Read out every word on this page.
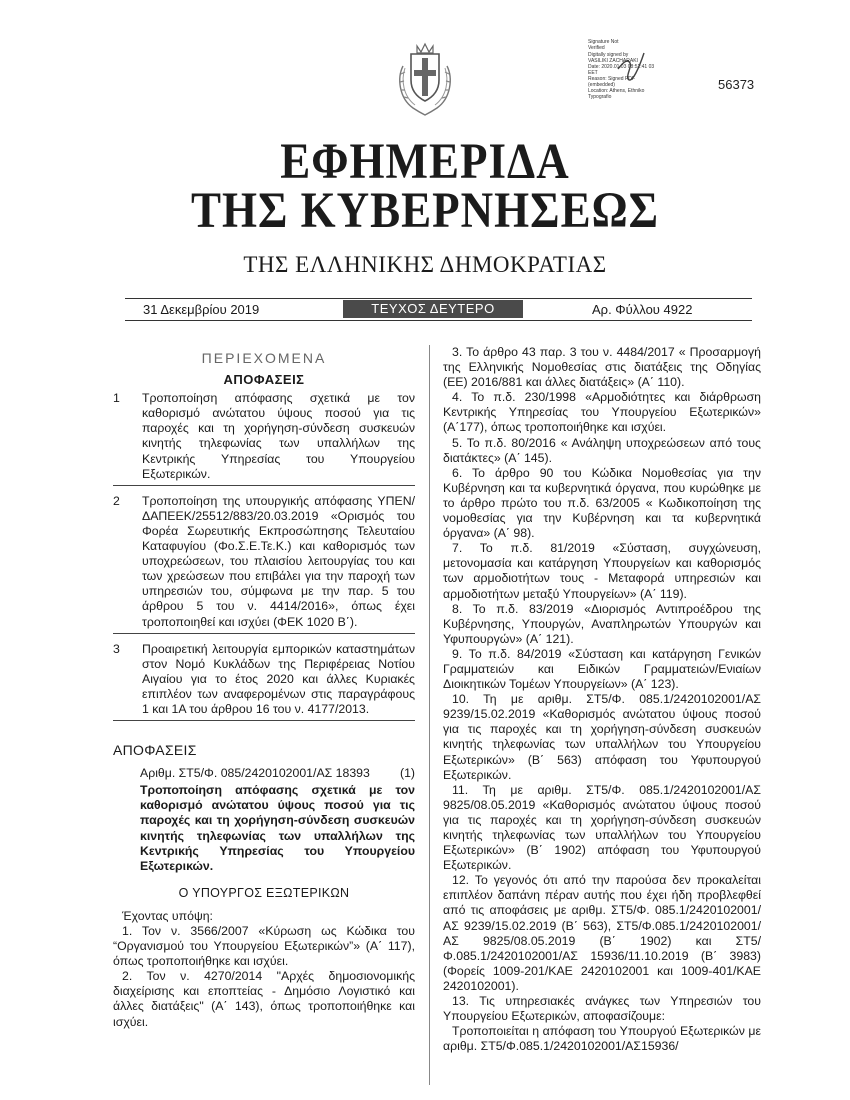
Signature Not
Verified
Digitally signed by
VASILIKI ZACHARAKI
Date: 2020.01.03 08:51:41 03
EET
Reason: Signed PDF
(embedded)
Location: Athens, Ethniko
Typografio
56373
ΕΦΗΜΕΡΙΔΑ
ΤΗΣ ΚΥΒΕΡΝΗΣΕΩΣ
ΤΗΣ ΕΛΛΗΝΙΚΗΣ ΔΗΜΟΚΡΑΤΙΑΣ
31 Δεκεμβρίου 2019	ΤΕΥΧΟΣ ΔΕΥΤΕΡΟ	Αρ. Φύλλου 4922
ΠΕΡΙΕΧΟΜΕΝΑ
ΑΠΟΦΑΣΕΙΣ
1	Τροποποίηση απόφασης σχετικά με τον καθορισμό ανώτατου ύψους ποσού για τις παροχές και τη χορήγηση-σύνδεση συσκευών κινητής τηλεφωνίας των υπαλλήλων της Κεντρικής Υπηρεσίας του Υπουργείου Εξωτερικών.
2	Τροποποίηση της υπουργικής απόφασης ΥΠΕΝ/ΔΑΠΕΕΚ/25512/883/20.03.2019 «Ορισμός του Φορέα Σωρευτικής Εκπροσώπησης Τελευταίου Καταφυγίου (Φο.Σ.Ε.Τε.Κ.) και καθορισμός των υποχρεώσεων, του πλαισίου λειτουργίας του και των χρεώσεων που επιβάλει για την παροχή των υπηρεσιών του, σύμφωνα με την παρ. 5 του άρθρου 5 του ν. 4414/2016», όπως έχει τροποποιηθεί και ισχύει (ΦΕΚ 1020 Β΄).
3	Προαιρετική λειτουργία εμπορικών καταστημάτων στον Νομό Κυκλάδων της Περιφέρειας Νοτίου Αιγαίου για το έτος 2020 και άλλες Κυριακές επιπλέον των αναφερομένων στις παραγράφους 1 και 1Α του άρθρου 16 του ν. 4177/2013.
ΑΠΟΦΑΣΕΙΣ
Αριθμ. ΣΤ5/Φ. 085/2420102001/ΑΣ 18393 (1)

Τροποποίηση απόφασης σχετικά με τον καθορισμό ανώτατου ύψους ποσού για τις παροχές και τη χορήγηση-σύνδεση συσκευών κινητής τηλεφωνίας των υπαλλήλων της Κεντρικής Υπηρεσίας του Υπουργείου Εξωτερικών.

Ο ΥΠΟΥΡΓΟΣ ΕΞΩΤΕΡΙΚΩΝ

Έχοντας υπόψη:

1. Τον ν. 3566/2007 «Κύρωση ως Κώδικα του “Οργανισμού του Υπουργείου Εξωτερικών”» (Α΄ 117), όπως τροποποιήθηκε και ισχύει.

2. Τον ν. 4270/2014 "Αρχές δημοσιονομικής διαχείρισης και εποπτείας - Δημόσιο Λογιστικό και άλλες διατάξεις" (Α΄ 143), όπως τροποποιήθηκε και ισχύει.

3. Το άρθρο 43 παρ. 3 του ν. 4484/2017 « Προσαρμογή της Ελληνικής Νομοθεσίας στις διατάξεις της Οδηγίας (ΕΕ) 2016/881 και άλλες διατάξεις» (Α΄ 110).

4. Το π.δ. 230/1998 «Αρμοδιότητες και διάρθρωση Κεντρικής Υπηρεσίας του Υπουργείου Εξωτερικών» (Α΄177), όπως τροποποιήθηκε και ισχύει.

5. Το π.δ. 80/2016 « Ανάληψη υποχρεώσεων από τους διατάκτες» (Α΄ 145).

6. Το άρθρο 90 του Κώδικα Νομοθεσίας για την Κυβέρνηση και τα κυβερνητικά όργανα, που κυρώθηκε με το άρθρο πρώτο του π.δ. 63/2005 « Κωδικοποίηση της νομοθεσίας για την Κυβέρνηση και τα κυβερνητικά όργανα» (Α΄ 98).

7. Το π.δ. 81/2019 «Σύσταση, συγχώνευση, μετονομασία και κατάργηση Υπουργείων και καθορισμός των αρμοδιοτήτων τους - Μεταφορά υπηρεσιών και αρμοδιοτήτων μεταξύ Υπουργείων» (Α΄ 119).

8. Το π.δ. 83/2019 «Διορισμός Αντιπροέδρου της Κυβέρνησης, Υπουργών, Αναπληρωτών Υπουργών και Υφυπουργών» (Α΄ 121).

9. Το π.δ. 84/2019 «Σύσταση και κατάργηση Γενικών Γραμματειών και Ειδικών Γραμματειών/Ενιαίων Διοικητικών Τομέων Υπουργείων» (Α΄ 123).

10. Τη με αριθμ. ΣΤ5/Φ. 085.1/2420102001/ΑΣ 9239/15.02.2019 «Καθορισμός ανώτατου ύψους ποσού για τις παροχές και τη χορήγηση-σύνδεση συσκευών κινητής τηλεφωνίας των υπαλλήλων του Υπουργείου Εξωτερικών» (Β΄ 563) απόφαση του Υφυπουργού Εξωτερικών.

11. Τη με αριθμ. ΣΤ5/Φ. 085.1/2420102001/ΑΣ 9825/08.05.2019 «Καθορισμός ανώτατου ύψους ποσού για τις παροχές και τη χορήγηση-σύνδεση συσκευών κινητής τηλεφωνίας των υπαλλήλων του Υπουργείου Εξωτερικών» (Β΄ 1902) απόφαση του Υφυπουργού Εξωτερικών.

12. Το γεγονός ότι από την παρούσα δεν προκαλείται επιπλέον δαπάνη πέραν αυτής που έχει ήδη προβλεφθεί από τις αποφάσεις με αριθμ. ΣΤ5/Φ. 085.1/2420102001/ΑΣ 9239/15.02.2019 (Β΄ 563), ΣΤ5/Φ.085.1/2420102001/ΑΣ 9825/08.05.2019 (Β΄ 1902) και ΣΤ5/Φ.085.1/2420102001/ΑΣ 15936/11.10.2019 (Β΄ 3983) (Φορείς 1009-201/ΚΑΕ 2420102001 και 1009-401/ΚΑΕ 2420102001).

13. Τις υπηρεσιακές ανάγκες των Υπηρεσιών του Υπουργείου Εξωτερικών, αποφασίζουμε:

Τροποποιείται η απόφαση του Υπουργού Εξωτερικών με αριθμ. ΣΤ5/Φ.085.1/2420102001/ΑΣ15936/
